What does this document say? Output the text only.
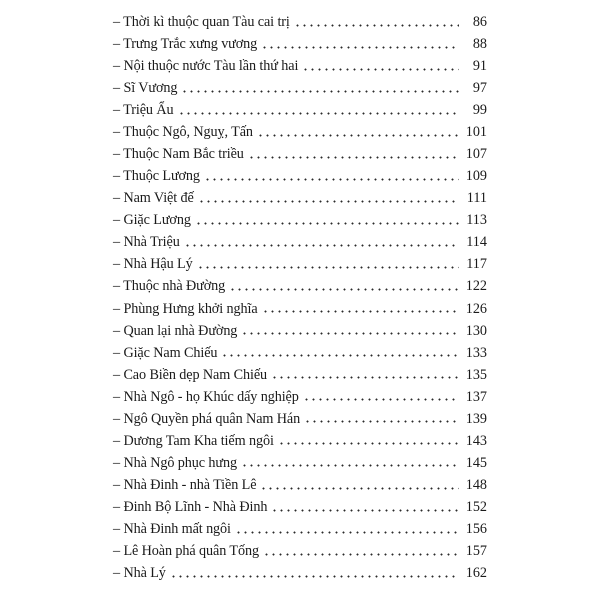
– Thời kì thuộc quan Tàu cai trị	86
– Trưng Trắc xưng vương	88
– Nội thuộc nước Tàu lần thứ hai	91
– Sĩ Vương	97
– Triệu Ẩu	99
– Thuộc Ngô, Nguỵ, Tấn	101
– Thuộc Nam Bắc triều	107
– Thuộc Lương	109
– Nam Việt đế	111
– Giặc Lương	113
– Nhà Triệu	114
– Nhà Hậu Lý	117
– Thuộc nhà Đường	122
– Phùng Hưng khởi nghĩa	126
– Quan lại nhà Đường	130
– Giặc Nam Chiếu	133
– Cao Biền dẹp Nam Chiếu	135
– Nhà Ngô - họ Khúc dấy nghiệp	137
– Ngô Quyền phá quân Nam Hán	139
– Dương Tam Kha tiếm ngôi	143
– Nhà Ngô phục hưng	145
– Nhà Đinh - nhà Tiền Lê	148
– Đinh Bộ Lĩnh - Nhà Đinh	152
– Nhà Đinh mất ngôi	156
– Lê Hoàn phá quân Tống	157
– Nhà Lý	162
